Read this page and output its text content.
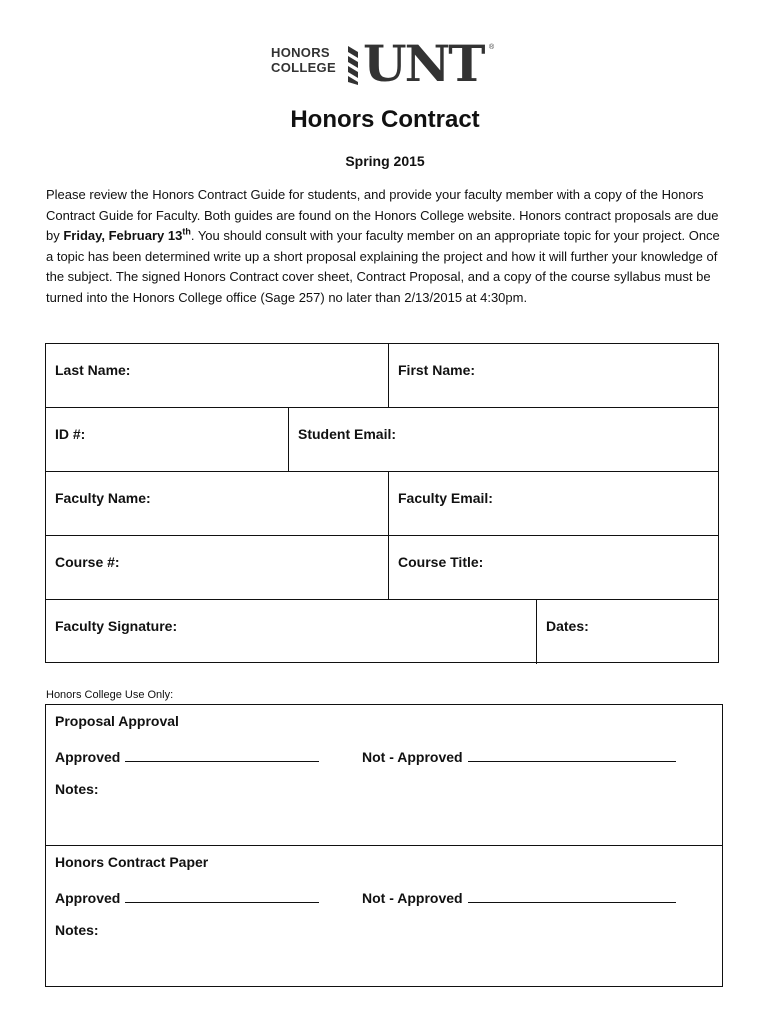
HONORS
COLLEGE UNT ®
Honors Contract
Spring 2015
Please review the Honors Contract Guide for students, and provide your faculty member with a copy of the Honors Contract Guide for Faculty. Both guides are found on the Honors College website. Honors contract proposals are due by Friday, February 13th. You should consult with your faculty member on an appropriate topic for your project. Once a topic has been determined write up a short proposal explaining the project and how it will further your knowledge of the subject. The signed Honors Contract cover sheet, Contract Proposal, and a copy of the course syllabus must be turned into the Honors College office (Sage 257) no later than 2/13/2015 at 4:30pm.
Last Name:	First Name:
ID #:	Student Email:
Faculty Name:	Faculty Email:
Course #:	Course Title:
Faculty Signature:	Dates:
Honors College Use Only:
Proposal Approval
Approved	Not - Approved
Notes:
Honors Contract Paper
Approved	Not - Approved
Notes:
